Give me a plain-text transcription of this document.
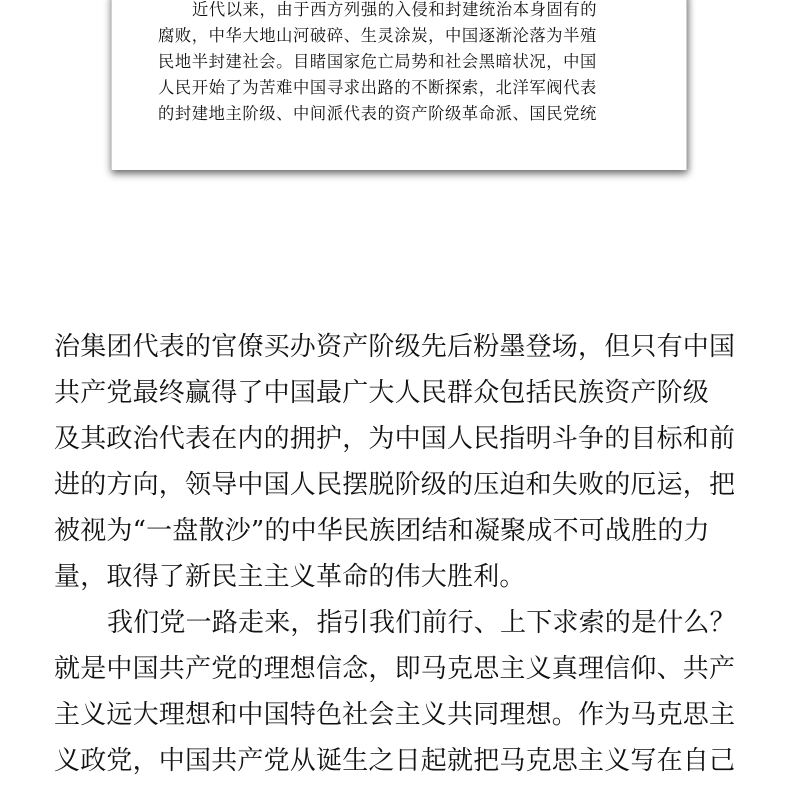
近代以来，由于西方列强的入侵和封建统治本身固有的
腐败，中华大地山河破碎、生灵涂炭，中国逐渐沦落为半殖
民地半封建社会。目睹国家危亡局势和社会黑暗状况，中国
人民开始了为苦难中国寻求出路的不断探索，北洋军阀代表
的封建地主阶级、中间派代表的资产阶级革命派、国民党统
治集团代表的官僚买办资产阶级先后粉墨登场，但只有中国
共产党最终赢得了中国最广大人民群众包括民族资产阶级
及其政治代表在内的拥护，为中国人民指明斗争的目标和前
进的方向，领导中国人民摆脱阶级的压迫和失败的厄运，把
被视为“一盘散沙”的中华民族团结和凝聚成不可战胜的力
量，取得了新民主主义革命的伟大胜利。
我们党一路走来，指引我们前行、上下求索的是什么？
就是中国共产党的理想信念，即马克思主义真理信仰、共产
主义远大理想和中国特色社会主义共同理想。作为马克思主
义政党，中国共产党从诞生之日起就把马克思主义写在自己
